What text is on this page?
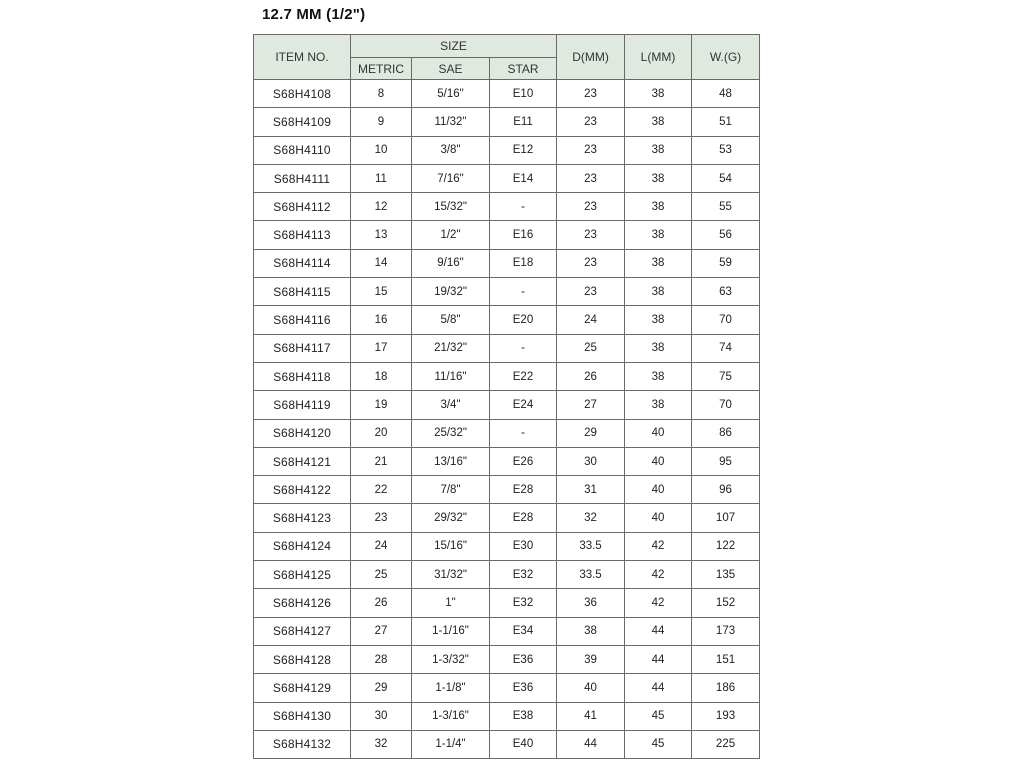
12.7 MM (1/2")
ITEM NO.	SIZE			D(MM)	L(MM)	W.(G)
	METRIC	SAE	STAR			
S68H4108	8	5/16"	E10	23	38	48
S68H4109	9	11/32"	E11	23	38	51
S68H4110	10	3/8"	E12	23	38	53
S68H4111	11	7/16"	E14	23	38	54
S68H4112	12	15/32"	-	23	38	55
S68H4113	13	1/2"	E16	23	38	56
S68H4114	14	9/16"	E18	23	38	59
S68H4115	15	19/32"	-	23	38	63
S68H4116	16	5/8"	E20	24	38	70
S68H4117	17	21/32"	-	25	38	74
S68H4118	18	11/16"	E22	26	38	75
S68H4119	19	3/4"	E24	27	38	70
S68H4120	20	25/32"	-	29	40	86
S68H4121	21	13/16"	E26	30	40	95
S68H4122	22	7/8"	E28	31	40	96
S68H4123	23	29/32"	E28	32	40	107
S68H4124	24	15/16"	E30	33.5	42	122
S68H4125	25	31/32"	E32	33.5	42	135
S68H4126	26	1"	E32	36	42	152
S68H4127	27	1-1/16"	E34	38	44	173
S68H4128	28	1-3/32"	E36	39	44	151
S68H4129	29	1-1/8"	E36	40	44	186
S68H4130	30	1-3/16"	E38	41	45	193
S68H4132	32	1-1/4"	E40	44	45	225
